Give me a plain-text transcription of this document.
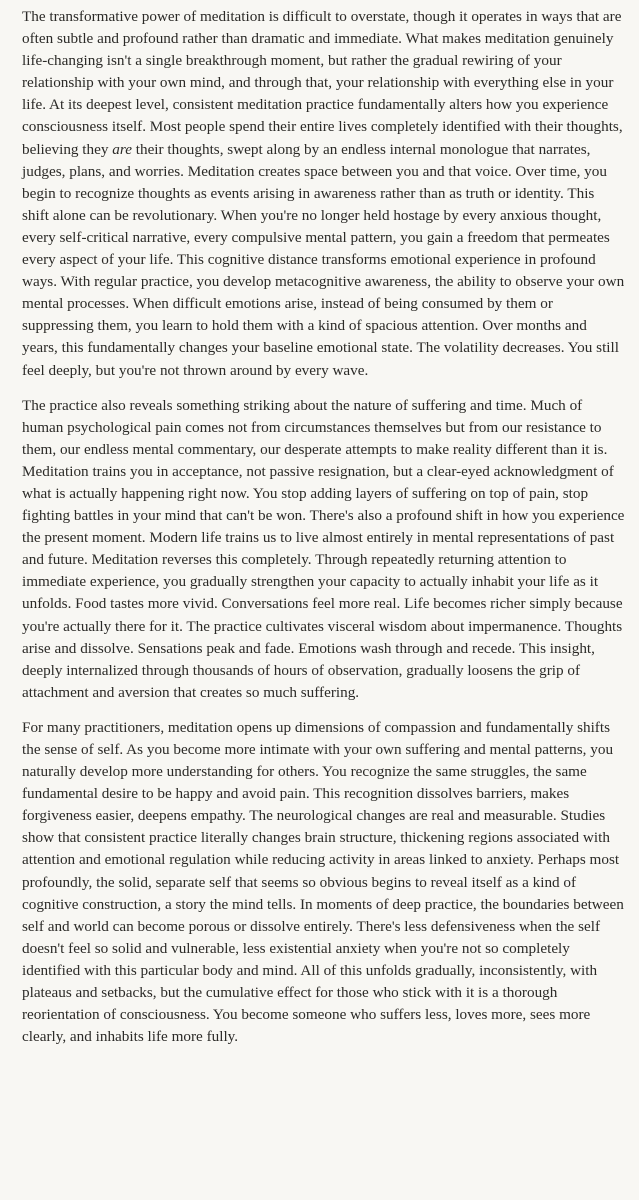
The transformative power of meditation is difficult to overstate, though it operates in ways that are often subtle and profound rather than dramatic and immediate. What makes meditation genuinely life-changing isn't a single breakthrough moment, but rather the gradual rewiring of your relationship with your own mind, and through that, your relationship with everything else in your life. At its deepest level, consistent meditation practice fundamentally alters how you experience consciousness itself. Most people spend their entire lives completely identified with their thoughts, believing they are their thoughts, swept along by an endless internal monologue that narrates, judges, plans, and worries. Meditation creates space between you and that voice. Over time, you begin to recognize thoughts as events arising in awareness rather than as truth or identity. This shift alone can be revolutionary. When you're no longer held hostage by every anxious thought, every self-critical narrative, every compulsive mental pattern, you gain a freedom that permeates every aspect of your life. This cognitive distance transforms emotional experience in profound ways. With regular practice, you develop metacognitive awareness, the ability to observe your own mental processes. When difficult emotions arise, instead of being consumed by them or suppressing them, you learn to hold them with a kind of spacious attention. Over months and years, this fundamentally changes your baseline emotional state. The volatility decreases. You still feel deeply, but you're not thrown around by every wave.

The practice also reveals something striking about the nature of suffering and time. Much of human psychological pain comes not from circumstances themselves but from our resistance to them, our endless mental commentary, our desperate attempts to make reality different than it is. Meditation trains you in acceptance, not passive resignation, but a clear-eyed acknowledgment of what is actually happening right now. You stop adding layers of suffering on top of pain, stop fighting battles in your mind that can't be won. There's also a profound shift in how you experience the present moment. Modern life trains us to live almost entirely in mental representations of past and future. Meditation reverses this completely. Through repeatedly returning attention to immediate experience, you gradually strengthen your capacity to actually inhabit your life as it unfolds. Food tastes more vivid. Conversations feel more real. Life becomes richer simply because you're actually there for it. The practice cultivates visceral wisdom about impermanence. Thoughts arise and dissolve. Sensations peak and fade. Emotions wash through and recede. This insight, deeply internalized through thousands of hours of observation, gradually loosens the grip of attachment and aversion that creates so much suffering.

For many practitioners, meditation opens up dimensions of compassion and fundamentally shifts the sense of self. As you become more intimate with your own suffering and mental patterns, you naturally develop more understanding for others. You recognize the same struggles, the same fundamental desire to be happy and avoid pain. This recognition dissolves barriers, makes forgiveness easier, deepens empathy. The neurological changes are real and measurable. Studies show that consistent practice literally changes brain structure, thickening regions associated with attention and emotional regulation while reducing activity in areas linked to anxiety. Perhaps most profoundly, the solid, separate self that seems so obvious begins to reveal itself as a kind of cognitive construction, a story the mind tells. In moments of deep practice, the boundaries between self and world can become porous or dissolve entirely. There's less defensiveness when the self doesn't feel so solid and vulnerable, less existential anxiety when you're not so completely identified with this particular body and mind. All of this unfolds gradually, inconsistently, with plateaus and setbacks, but the cumulative effect for those who stick with it is a thorough reorientation of consciousness. You become someone who suffers less, loves more, sees more clearly, and inhabits life more fully.
